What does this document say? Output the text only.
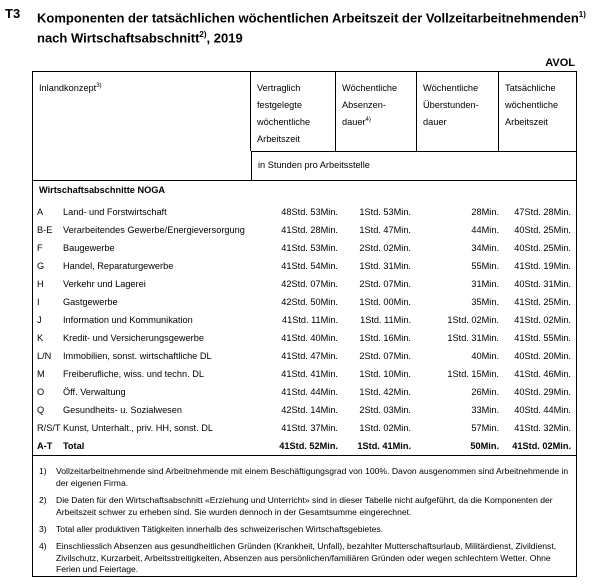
T3 Komponenten der tatsächlichen wöchentlichen Arbeitszeit der Vollzeitarbeitnehmenden$^{1)}$
nach Wirtschaftsabschnitt$^{2)}$, 2019
AVOL
Inlandkonzept$^{3)}$	Vertraglich
festgelegte
wöchentliche
Arbeitszeit
Wöchentliche
Absenzen-
dauer$^{4)}$
Wöchentliche
Überstunden-
dauer
Tatsächliche
wöchentliche
Arbeitszeit
in Stunden pro Arbeitsstelle
Wirtschaftsabschnitte NOGA
A Land- und Forstwirtschaft	48Std. 53Min.	1Std. 53Min.	28Min.	47Std. 28Min.
B-E Verarbeitendes Gewerbe/Energieversorgung	41Std. 28Min.	1Std. 47Min.	44Min.	40Std. 25Min.
F Baugewerbe	41Std. 53Min.	2Std. 02Min.	34Min.	40Std. 25Min.
G Handel, Reparaturgewerbe	41Std. 54Min.	1Std. 31Min.	55Min.	41Std. 19Min.
H Verkehr und Lagerei	42Std. 07Min.	2Std. 07Min.	31Min.	40Std. 31Min.
I	Gastgewerbe	42Std. 50Min.	1Std. 00Min.	35Min.	41Std. 25Min.
J Information und Kommunikation	41Std. 11Min.	1Std. 11Min.	1Std. 02Min.	41Std. 02Min.
K Kredit- und Versicherungsgewerbe	41Std. 40Min.	1Std. 16Min.	1Std. 31Min.	41Std. 55Min.
L/N Immobilien, sonst. wirtschaftliche DL	41Std. 47Min.	2Std. 07Min.	40Min.	40Std. 20Min.
M Freiberufliche, wiss. und techn. DL	41Std. 41Min.	1Std. 10Min.	1Std. 15Min.	41Std. 46Min.
O Öff. Verwaltung	41Std. 44Min.	1Std. 42Min.	26Min.	40Std. 29Min.
Q Gesundheits- u. Sozialwesen	42Std. 14Min.	2Std. 03Min.	33Min.	40Std. 44Min.
R/S/T Kunst, Unterhalt., priv. HH, sonst. DL	41Std. 37Min.	1Std. 02Min.	57Min.	41Std. 32Min.
A-T Total	41Std. 52Min.	1Std. 41Min.	50Min.	41Std. 02Min.
1) Vollzeitarbeitnehmende sind Arbeitnehmende mit einem Beschäftigungsgrad von 100%. Davon ausgenommen sind Arbeitnehmende in der eigenen Firma.
2) Die Daten für den Wirtschaftsabschnitt «Erziehung und Unterricht» sind in dieser Tabelle nicht aufgeführt, da die Komponenten der Arbeitszeit schwer zu erheben sind. Sie wurden dennoch in der Gesamtsumme eingerechnet.
3) Total aller produktiven Tätigkeiten innerhalb des schweizerischen Wirtschaftsgebietes.
4) Einschliesslich Absenzen aus gesundheitlichen Gründen (Krankheit, Unfall), bezahlter Mutterschaftsurlaub, Militärdienst, Zivildienst, Zivilschutz, Kurzarbeit, Arbeitsstreitigkeiten, Absenzen aus persönlichen/familiären Gründen oder wegen schlechtem Wetter. Ohne Ferien und Feiertage.
